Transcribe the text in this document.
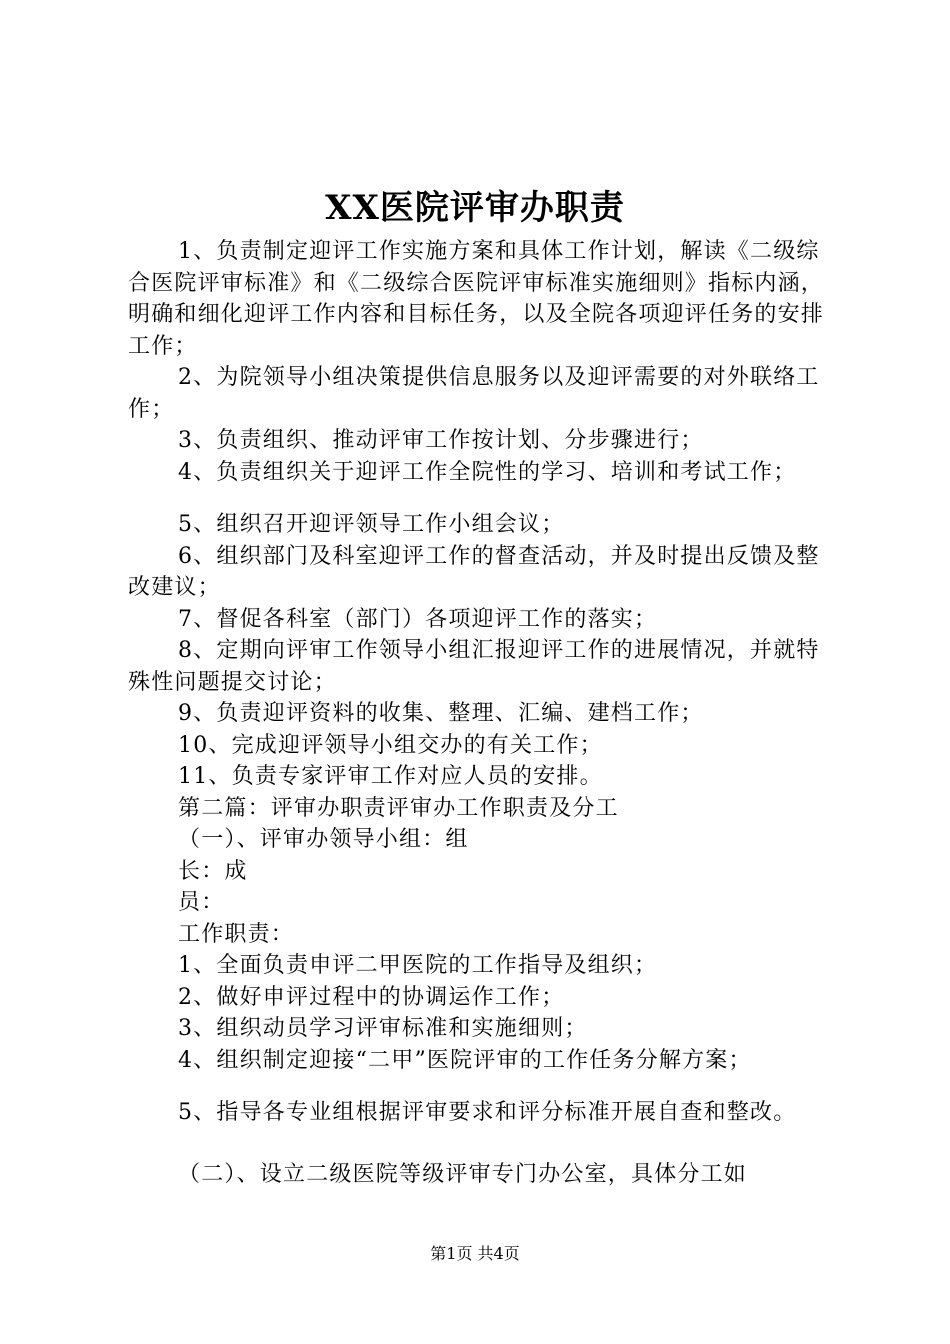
XX医院评审办职责

1、负责制定迎评工作实施方案和具体工作计划，解读《二级综合医院评审标准》和《二级综合医院评审标准实施细则》指标内涵，明确和细化迎评工作内容和目标任务，以及全院各项迎评任务的安排工作；

2、为院领导小组决策提供信息服务以及迎评需要的对外联络工作；

3、负责组织、推动评审工作按计划、分步骤进行；

4、负责组织关于迎评工作全院性的学习、培训和考试工作；

5、组织召开迎评领导工作小组会议；

6、组织部门及科室迎评工作的督查活动，并及时提出反馈及整改建议；

7、督促各科室（部门）各项迎评工作的落实；

8、定期向评审工作领导小组汇报迎评工作的进展情况，并就特殊性问题提交讨论；

9、负责迎评资料的收集、整理、汇编、建档工作；

10、完成迎评领导小组交办的有关工作；

11、负责专家评审工作对应人员的安排。

第二篇：评审办职责评审办工作职责及分工

（一）、评审办领导小组：组

长：成

员：

工作职责：

1、全面负责申评二甲医院的工作指导及组织；

2、做好申评过程中的协调运作工作；

3、组织动员学习评审标准和实施细则；

4、组织制定迎接“二甲”医院评审的工作任务分解方案；

5、指导各专业组根据评审要求和评分标准开展自查和整改。

（二）、设立二级医院等级评审专门办公室，具体分工如

第1页 共4页
